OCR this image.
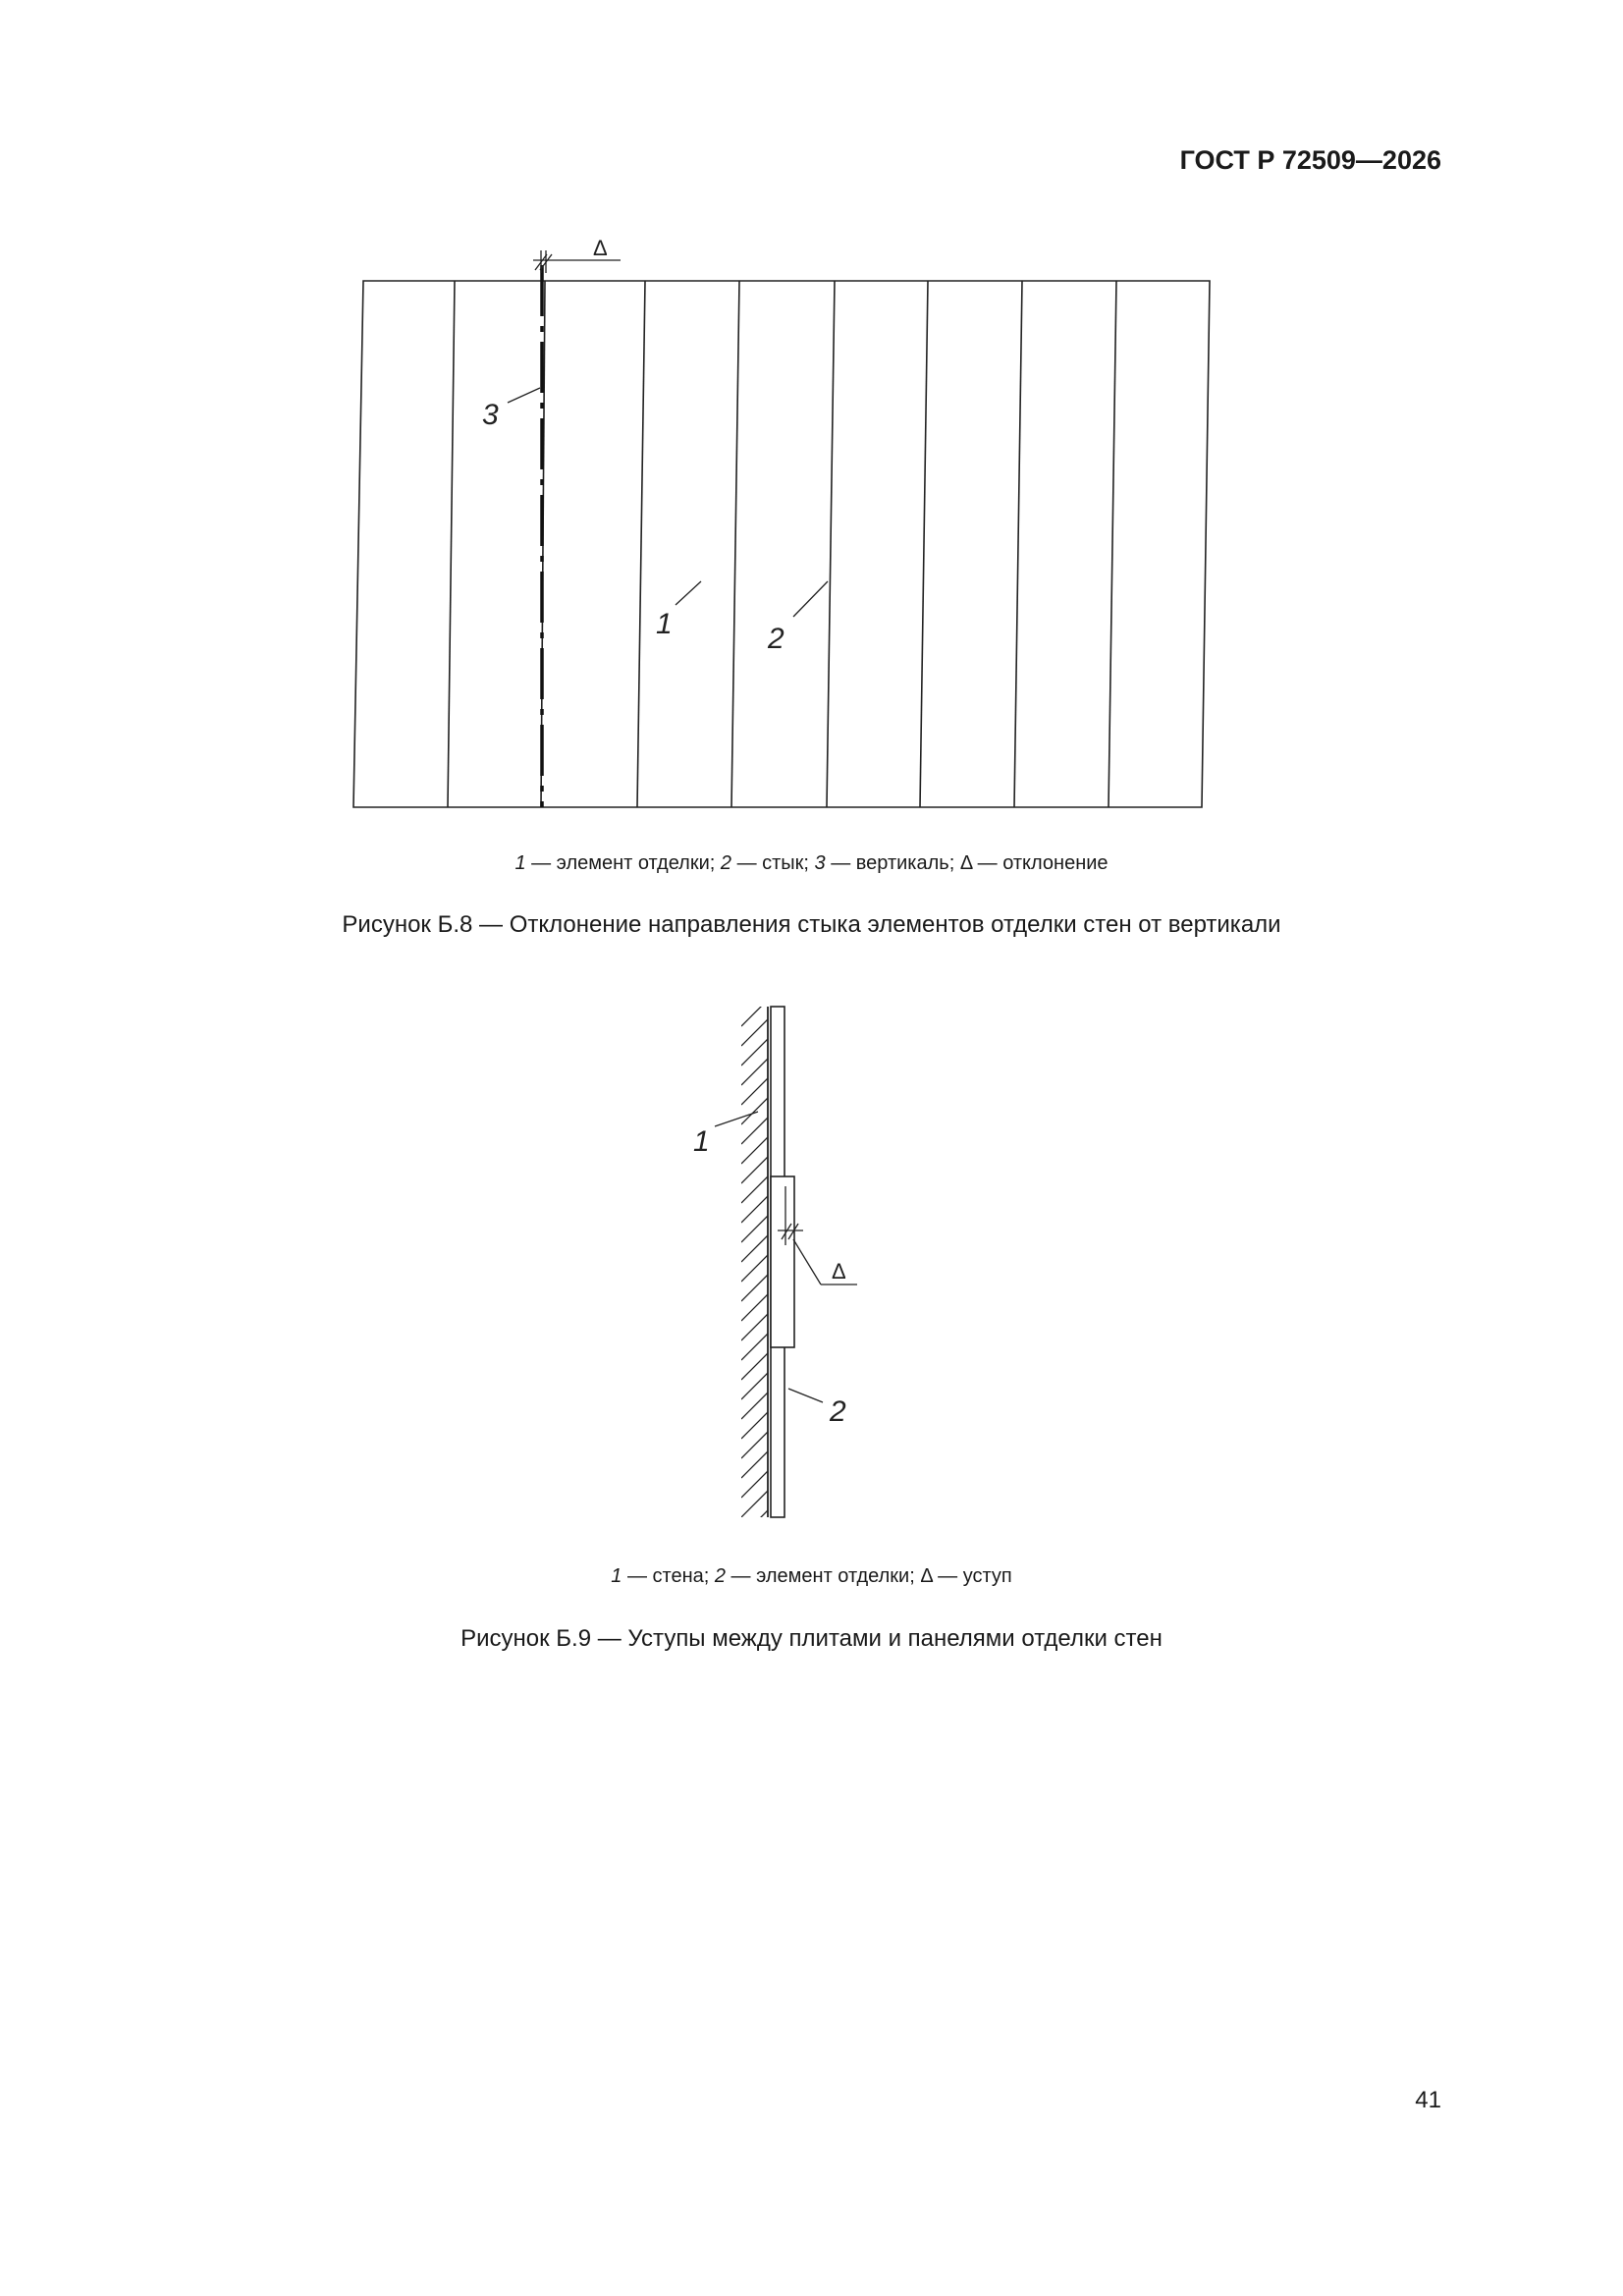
ГОСТ Р 72509—2026
Δ
3
1	2
1 — элемент отделки; 2 — стык; 3 — вертикаль; Δ — отклонение
Рисунок Б.8 — Отклонение направления стыка элементов отделки стен от вертикали
Δ
1
2
1 — стена; 2 — элемент отделки; Δ — уступ
Рисунок Б.9 — Уступы между плитами и панелями отделки стен
41
